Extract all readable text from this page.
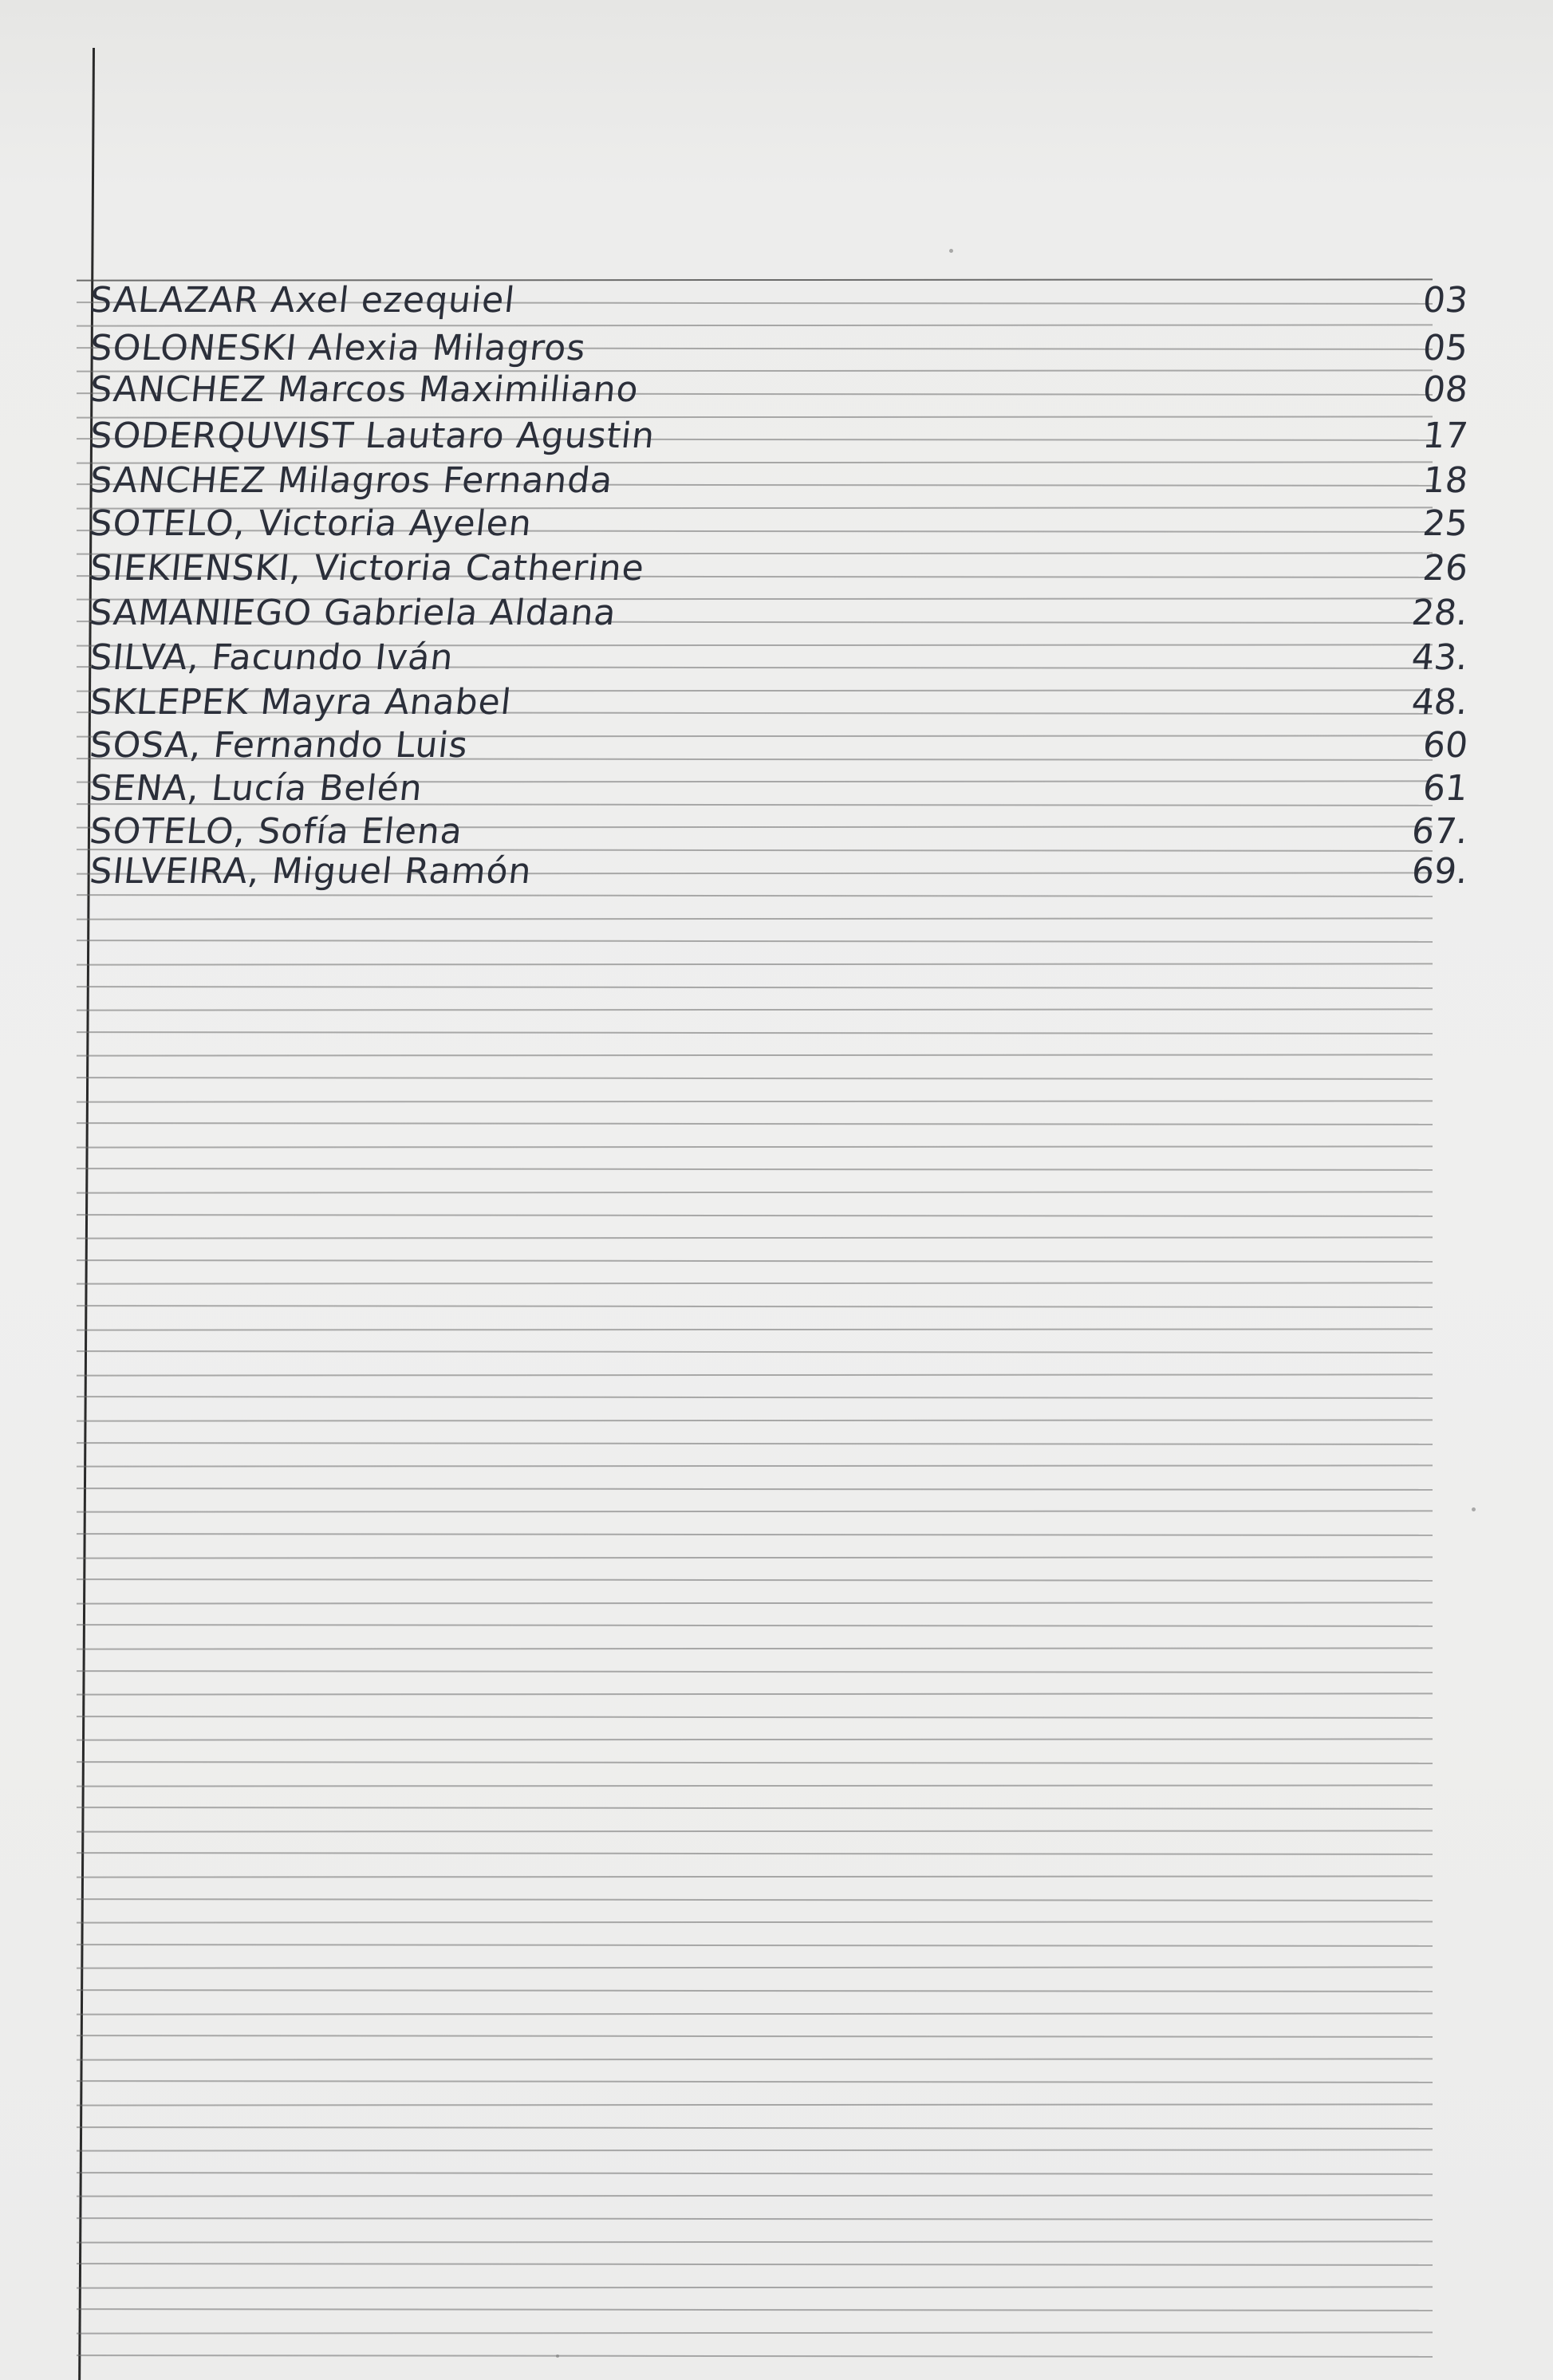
SALAZAR Axel ezequiel	03
SOLONESKI Alexia Milagros	05
SANCHEZ Marcos Maximiliano	08
SODERQUVIST Lautaro Agustin	17
SANCHEZ Milagros Fernanda	18
SOTELO, Victoria Ayelen	25
SIEKIENSKI, Victoria Catherine	26
SAMANIEGO Gabriela Aldana	28.
SILVA, Facundo Iván	43.
SKLEPEK Mayra Anabel	48.
SOSA, Fernando Luis	60
SENA, Lucía Belén	61
SOTELO, Sofía Elena	67.
SILVEIRA, Miguel Ramón	69.
